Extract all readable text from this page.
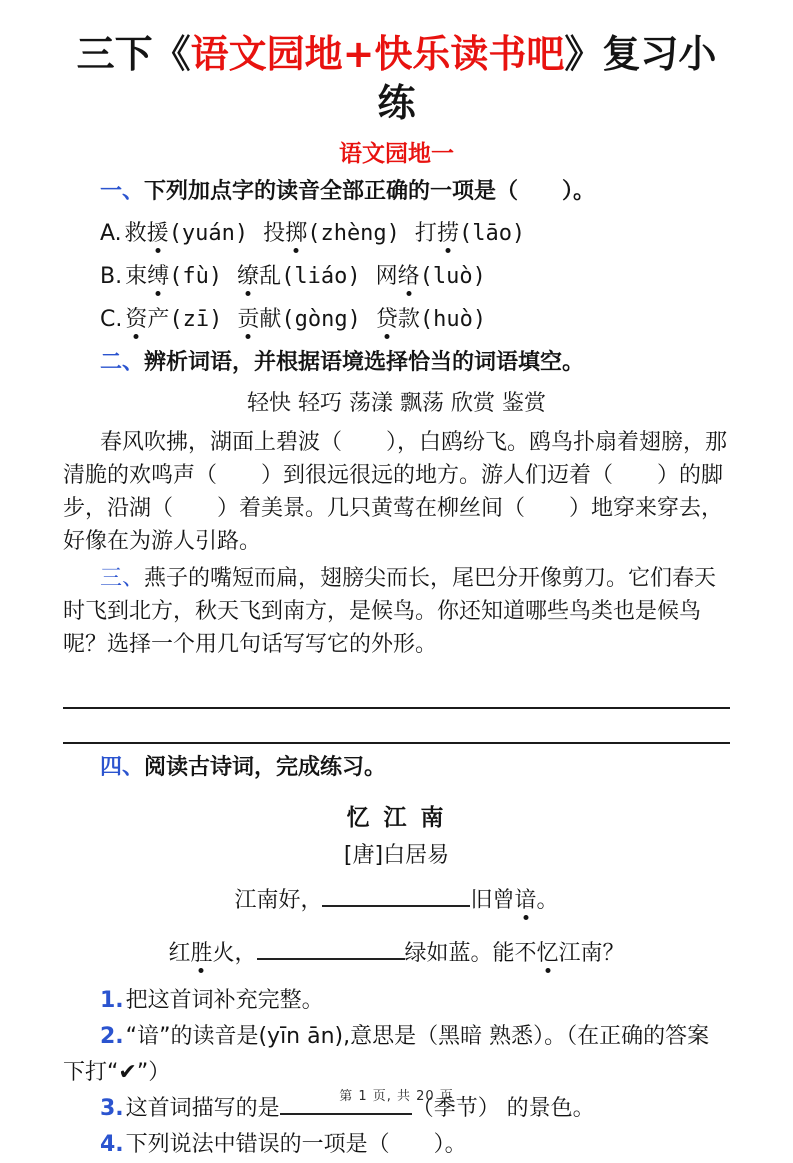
三下《语文园地+快乐读书吧》复习小练
语文园地一

一、下列加点字的读音全部正确的一项是（　　）。

A. 救援(yuán) 投掷(zhèng) 打捞(lāo)

B. 束缚(fù) 缭乱(liáo) 网络(luò)

C. 资产(zī) 贡献(gòng) 贷款(huò)

二、辨析词语，并根据语境选择恰当的词语填空。

轻快 轻巧 荡漾 飘荡 欣赏 鉴赏

春风吹拂，湖面上碧波（　　），白鸥纷飞。鸥鸟扑扇着翅膀，那清脆的欢鸣声（　　）到很远很远的地方。游人们迈着（　　）的脚步，沿湖（　　）着美景。几只黄莺在柳丝间（　　）地穿来穿去，好像在为游人引路。

三、燕子的嘴短而扁，翅膀尖而长，尾巴分开像剪刀。它们春天时飞到北方，秋天飞到南方，是候鸟。你还知道哪些鸟类也是候鸟呢？选择一个用几句话写写它的外形。

四、阅读古诗词，完成练习。

忆 江 南

[唐]白居易

江南好，	旧曾谙。

红胜火，	绿如蓝。能不忆江南？

1.把这首词补充完整。

2.“谙”的读音是(yīn ān),意思是（黑暗 熟悉）。（在正确的答案下打“✔”）

3.这首词描写的是	（季节） 的景色。

4.下列说法中错误的一项是（　　）。

第 1 页, 共 20 页
